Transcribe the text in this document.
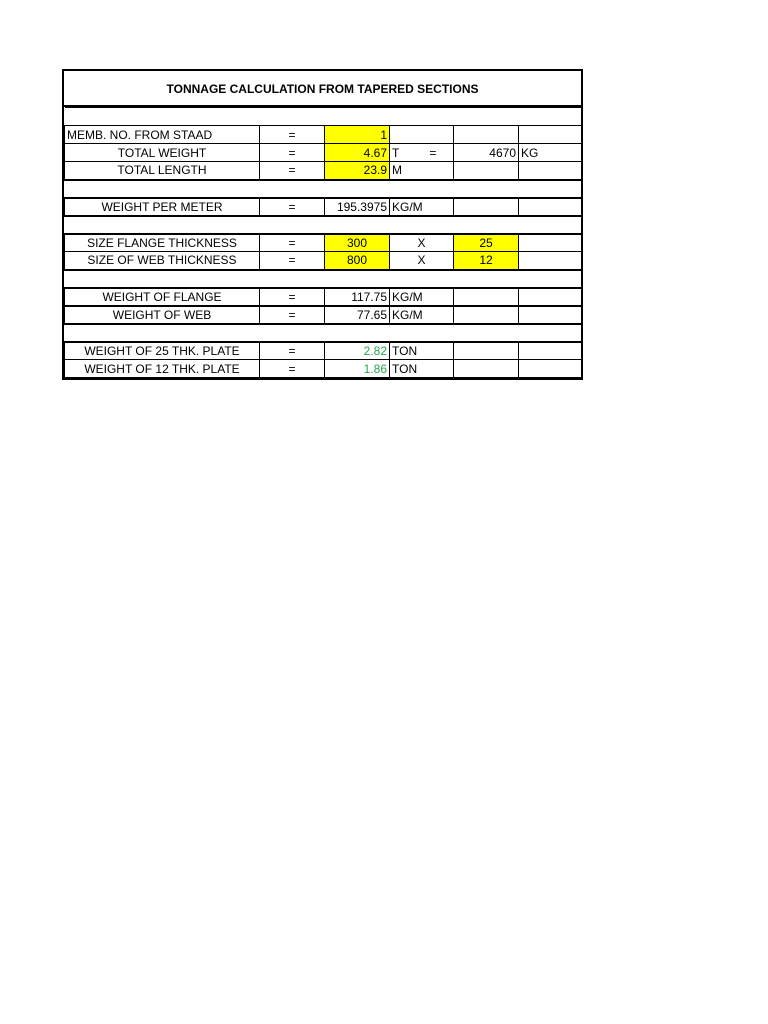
TONNAGE CALCULATION FROM TAPERED SECTIONS

MEMB. NO. FROM STAAD	=	1			
TOTAL WEIGHT	=	4.67	T =	4670	KG
TOTAL LENGTH	=	23.9	M		

WEIGHT PER METER	=	195.3975	KG/M		

SIZE FLANGE THICKNESS	=	300	X	25	
SIZE OF WEB THICKNESS	=	800	X	12	

WEIGHT OF FLANGE	=	117.75	KG/M		
WEIGHT OF WEB	=	77.65	KG/M		

WEIGHT OF 25 THK. PLATE	=	2.82	TON		
WEIGHT OF 12 THK. PLATE	=	1.86	TON		
